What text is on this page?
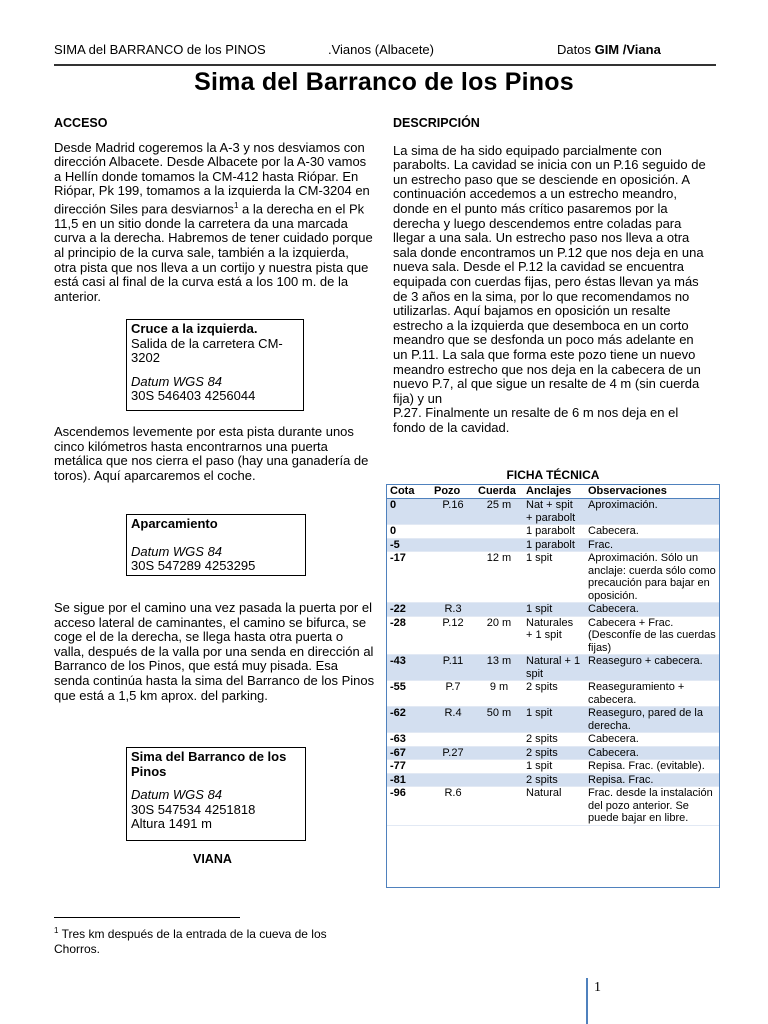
SIMA del BARRANCO de los PINOS	.Vianos (Albacete)	Datos GIM /Viana
Sima del Barranco de los Pinos

ACCESO

Desde Madrid cogeremos la A-3 y nos desviamos con dirección Albacete. Desde Albacete por la A-30 vamos a Hellín donde tomamos la CM-412 hasta Riópar. En Riópar, Pk 199, tomamos a la izquierda la CM-3204 en dirección Siles para desviarnos$^1$ a la derecha en el Pk 11,5 en un sitio donde la carretera da una marcada curva a la derecha. Habremos de tener cuidado porque al principio de la curva sale, también a la izquierda, otra pista que nos lleva a un cortijo y nuestra pista que está casi al final de la curva está a los 100 m. de la anterior.

Cruce a la izquierda.
Salida de la carretera CM-3202
Datum WGS 84
30S 546403 4256044
Ascendemos levemente por esta pista durante unos cinco kilómetros hasta encontrarnos una puerta metálica que nos cierra el paso (hay una ganadería de toros). Aquí aparcaremos el coche.
Aparcamiento
Datum WGS 84
30S 547289 4253295
Se sigue por el camino una vez pasada la puerta por el acceso lateral de caminantes, el camino se bifurca, se coge el de la derecha, se llega hasta otra puerta o valla, después de la valla por una senda en dirección al Barranco de los Pinos, que está muy pisada. Esa senda continúa hasta la sima del Barranco de los Pinos que está a 1,5 km aprox. del parking.
Sima del Barranco de los Pinos
Datum WGS 84
30S 547534 4251818
Altura 1491 m
VIANA
$^1$ Tres km después de la entrada de la cueva de los Chorros.

DESCRIPCIÓN

La sima de ha sido equipado parcialmente con parabolts. La cavidad se inicia con un P.16 seguido de un estrecho paso que se desciende en oposición. A continuación accedemos a un estrecho meandro, donde en el punto más crítico pasaremos por la derecha y luego descendemos entre coladas para llegar a una sala. Un estrecho paso nos lleva a otra sala donde encontramos un P.12 que nos deja en una nueva sala. Desde el P.12 la cavidad se encuentra equipada con cuerdas fijas, pero éstas llevan ya más de 3 años en la sima, por lo que recomendamos no utilizarlas. Aquí bajamos en oposición un resalte estrecho a la izquierda que desemboca en un corto meandro que se desfonda un poco más adelante en un P.11. La sala que forma este pozo tiene un nuevo meandro estrecho que nos deja en la cabecera de un nuevo P.7, al que sigue un resalte de 4 m (sin cuerda fija) y un

P.27. Finalmente un resalte de 6 m nos deja en el fondo de la cavidad.

FICHA TÉCNICA
Cota	Pozo	Cuerda	Anclajes	Observaciones
0	P.16	25 m	Nat + spit + parabolt	Aproximación.
0			1 parabolt	Cabecera.
-5			1 parabolt	Frac.
-17		12 m	1 spit	Aproximación. Sólo un anclaje: cuerda sólo como precaución para bajar en oposición.
-22	R.3		1 spit	Cabecera.
-28	P.12	20 m	Naturales + 1 spit	Cabecera + Frac. (Desconfíe de las cuerdas fijas)
-43	P.11	13 m	Natural + 1 spit	Reaseguro + cabecera.
-55	P.7	9 m	2 spits	Reaseguramiento + cabecera.
-62	R.4	50 m	1 spit	Reaseguro, pared de la derecha.
-63			2 spits	Cabecera.
-67	P.27		2 spits	Cabecera.
-77			1 spit	Repisa. Frac. (evitable).
-81			2 spits	Repisa. Frac.
-96	R.6		Natural	Frac. desde la instalación del pozo anterior. Se puede bajar en libre.
1
